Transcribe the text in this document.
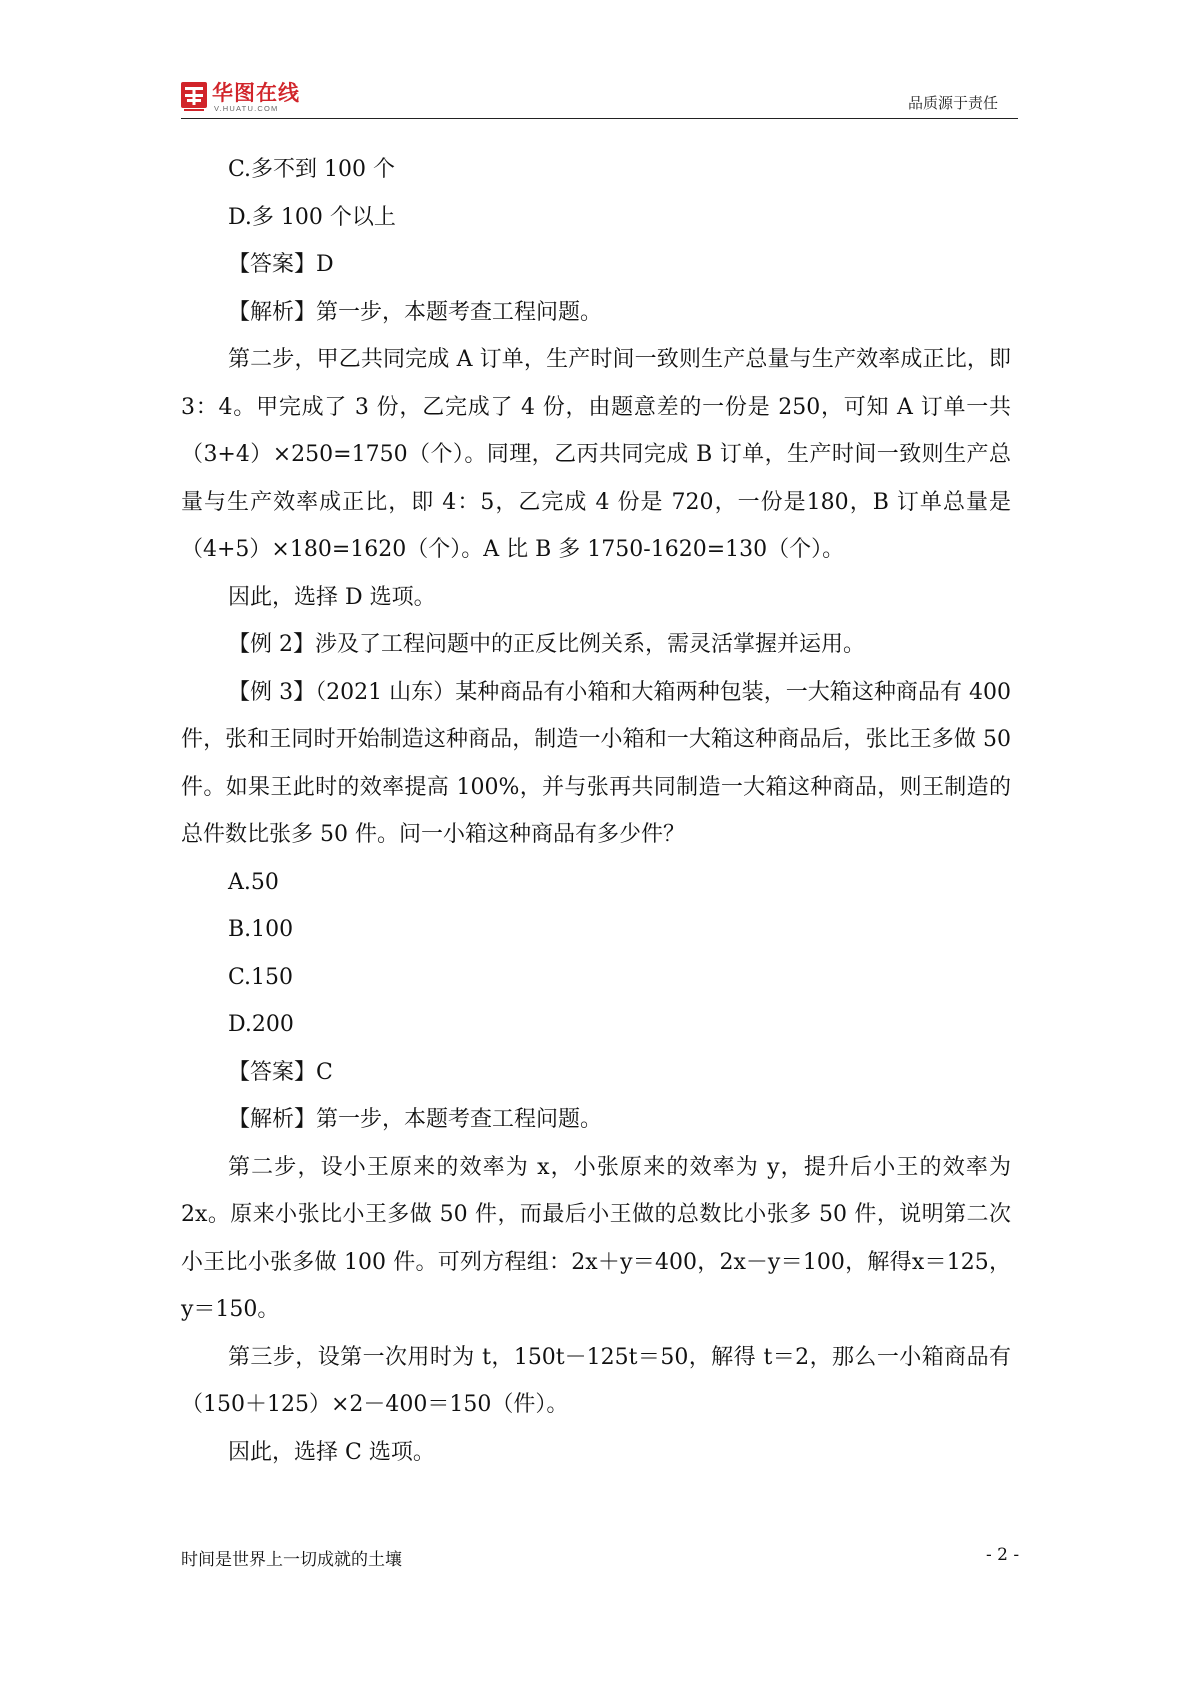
华图在线
V.HUATU.COM	品质源于责任

C.多不到 100 个

D.多 100 个以上

【答案】D

【解析】第一步，本题考查工程问题。

第二步，甲乙共同完成 A 订单，生产时间一致则生产总量与生产效率成正比，即 3：4。甲完成了 3 份，乙完成了 4 份，由题意差的一份是 250，可知 A 订单一共（3+4）×250=1750（个）。同理，乙丙共同完成 B 订单，生产时间一致则生产总量与生产效率成正比，即 4：5，乙完成 4 份是 720，一份是180，B 订单总量是（4+5）×180=1620（个）。A 比 B 多 1750-1620=130（个）。

因此，选择 D 选项。

【例 2】涉及了工程问题中的正反比例关系，需灵活掌握并运用。

【例 3】（2021 山东）某种商品有小箱和大箱两种包装，一大箱这种商品有 400 件，张和王同时开始制造这种商品，制造一小箱和一大箱这种商品后，张比王多做 50 件。如果王此时的效率提高 100%，并与张再共同制造一大箱这种商品，则王制造的总件数比张多 50 件。问一小箱这种商品有多少件？

A.50

B.100

C.150

D.200

【答案】C

【解析】第一步，本题考查工程问题。

第二步，设小王原来的效率为 x，小张原来的效率为 y，提升后小王的效率为 2x。原来小张比小王多做 50 件，而最后小王做的总数比小张多 50 件，说明第二次小王比小张多做 100 件。可列方程组：2x＋y＝400，2x－y＝100，解得x＝125，y＝150。

第三步，设第一次用时为 t，150t－125t＝50，解得 t＝2，那么一小箱商品有（150＋125）×2－400＝150（件）。

因此，选择 C 选项。

时间是世界上一切成就的土壤	- 2 -
